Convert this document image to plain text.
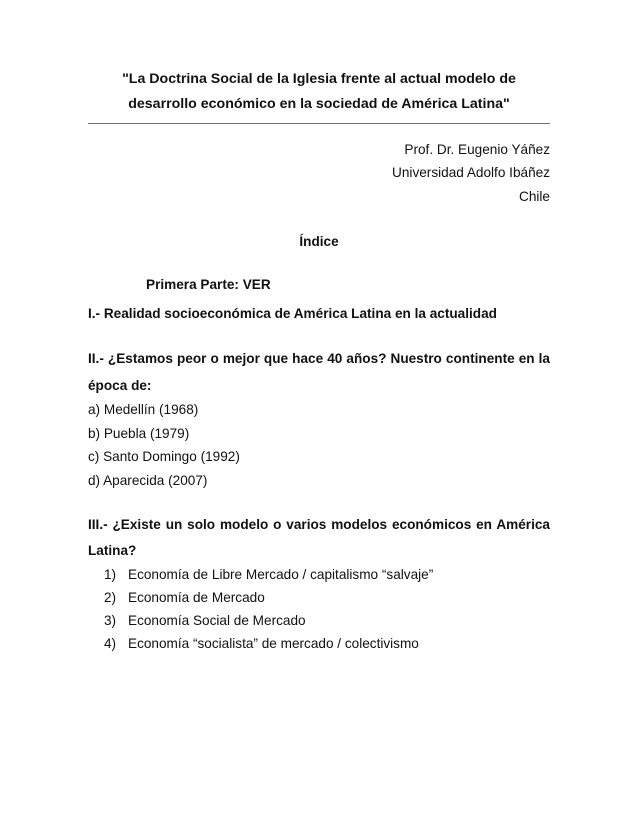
"La Doctrina Social de la Iglesia frente al actual modelo de
desarrollo económico en la sociedad de América Latina"
Prof. Dr. Eugenio Yáñez
Universidad Adolfo Ibáñez
Chile
Índice
Primera Parte: VER
I.- Realidad socioeconómica de América Latina en la actualidad
II.- ¿Estamos peor o mejor que hace 40 años? Nuestro continente en la
época de:
a) Medellín (1968)
b) Puebla (1979)
c) Santo Domingo (1992)
d) Aparecida (2007)
III.- ¿Existe un solo modelo o varios modelos económicos en América
Latina?
1) Economía de Libre Mercado / capitalismo “salvaje”
2) Economía de Mercado
3) Economía Social de Mercado
4) Economía “socialista” de mercado / colectivismo
